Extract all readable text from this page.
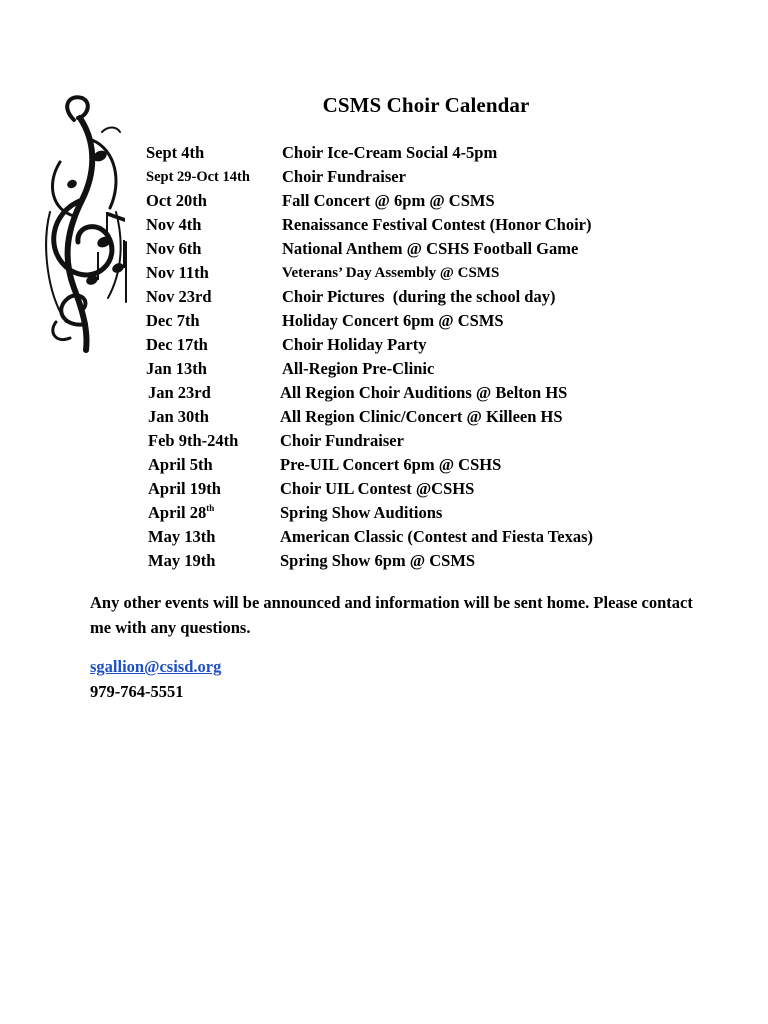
CSMS Choir Calendar
Sept 4th	Choir Ice-Cream Social 4-5pm
Sept 29-Oct 14th	Choir Fundraiser
Oct 20th	Fall Concert @ 6pm @ CSMS
Nov 4th	Renaissance Festival Contest (Honor Choir)
Nov 6th	National Anthem @ CSHS Football Game
Nov 11th	Veterans’ Day Assembly @ CSMS
Nov 23rd	Choir Pictures  (during the school day)
Dec 7th	Holiday Concert 6pm @ CSMS
Dec 17th	Choir Holiday Party
Jan 13th	All-Region Pre-Clinic
Jan 23rd	All Region Choir Auditions @ Belton HS
Jan 30th	All Region Clinic/Concert @ Killeen HS
Feb 9th-24th	Choir Fundraiser
April 5th	Pre-UIL Concert 6pm @ CSHS
April 19th	Choir UIL Contest @CSHS
April 28th	Spring Show Auditions
May 13th	American Classic (Contest and Fiesta Texas)
May 19th	Spring Show 6pm @ CSMS
Any other events will be announced and information will be sent home. Please contact me with any questions.
sgallion@csisd.org
979-764-5551
